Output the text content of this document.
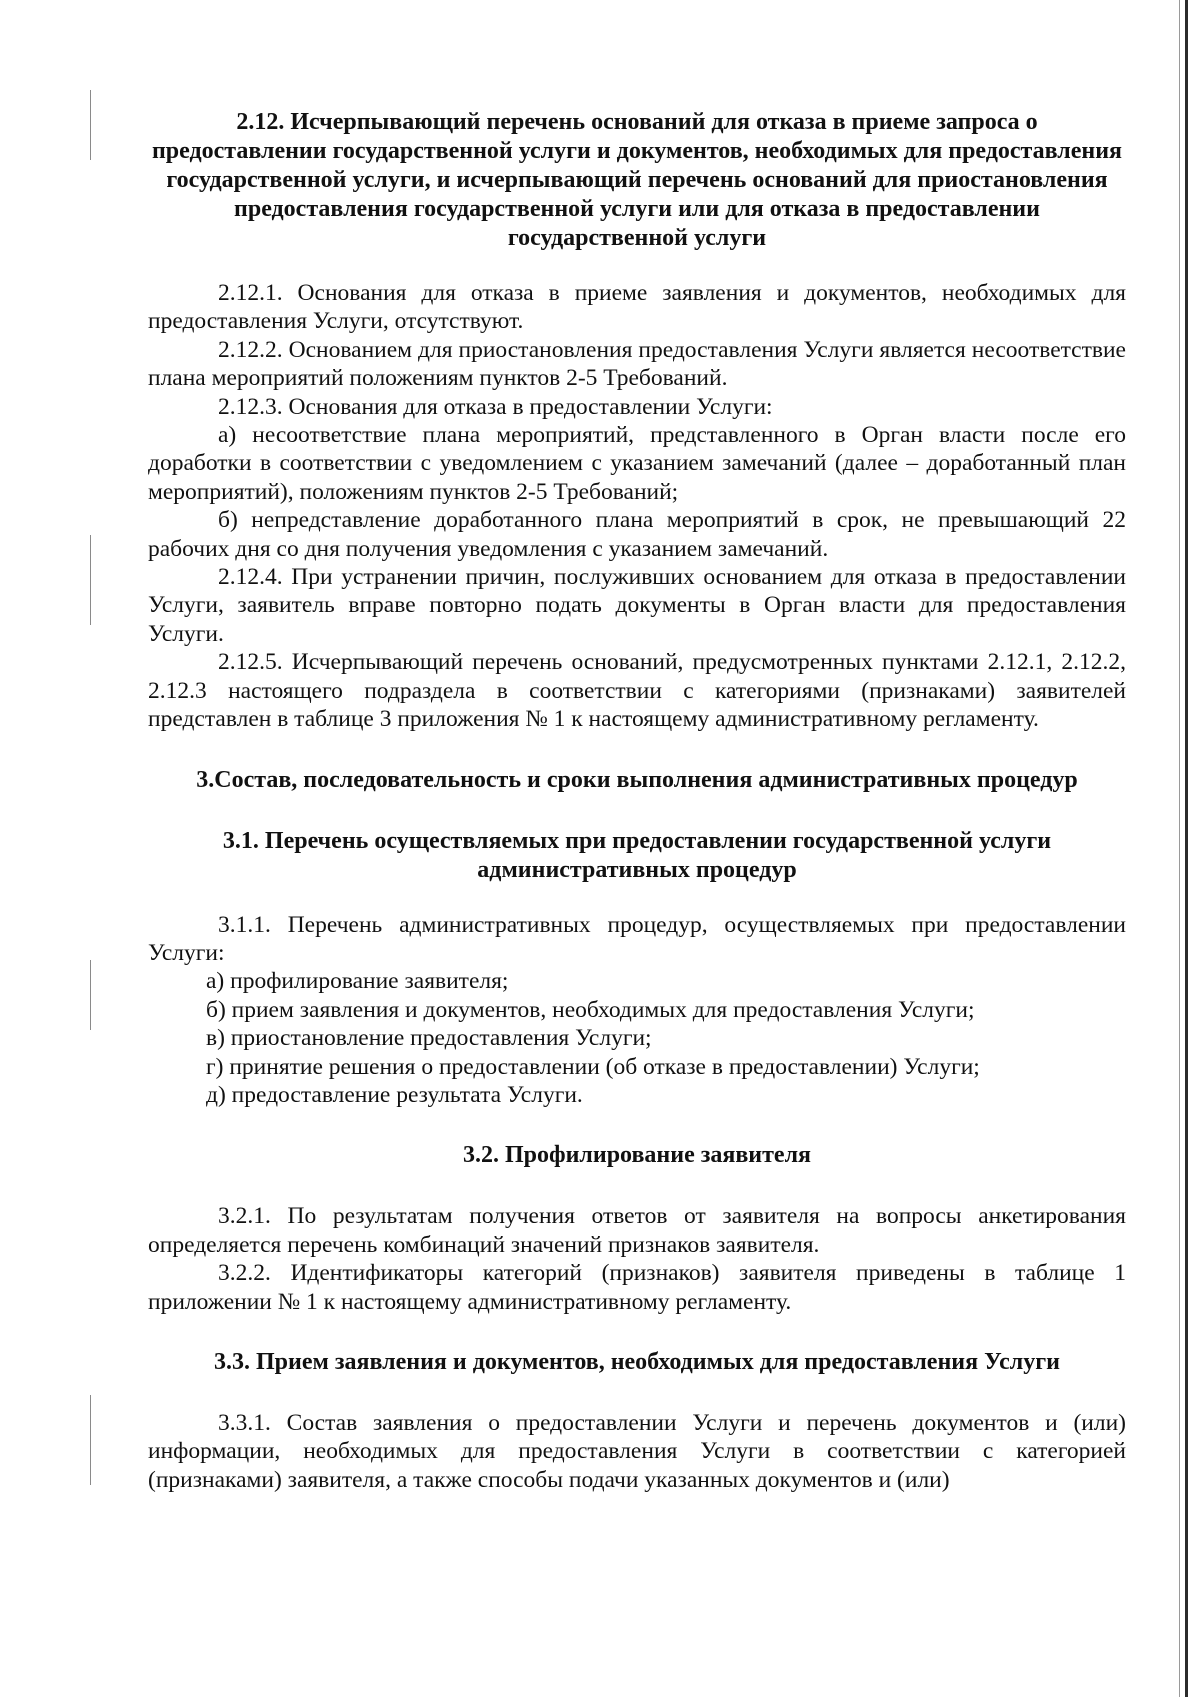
2.12. Исчерпывающий перечень оснований для отказа в приеме запроса о предоставлении государственной услуги и документов, необходимых для предоставления государственной услуги, и исчерпывающий перечень оснований для приостановления предоставления государственной услуги или для отказа в предоставлении государственной услуги

2.12.1. Основания для отказа в приеме заявления и документов, необходимых для предоставления Услуги, отсутствуют.

2.12.2. Основанием для приостановления предоставления Услуги является несоответствие плана мероприятий положениям пунктов 2-5 Требований.

2.12.3. Основания для отказа в предоставлении Услуги:

а) несоответствие плана мероприятий, представленного в Орган власти после его доработки в соответствии с уведомлением с указанием замечаний (далее – доработанный план мероприятий), положениям пунктов 2-5 Требований;

б) непредставление доработанного плана мероприятий в срок, не превышающий 22 рабочих дня со дня получения уведомления с указанием замечаний.

2.12.4. При устранении причин, послуживших основанием для отказа в предоставлении Услуги, заявитель вправе повторно подать документы в Орган власти для предоставления Услуги.

2.12.5. Исчерпывающий перечень оснований, предусмотренных пунктами 2.12.1, 2.12.2, 2.12.3 настоящего подраздела в соответствии с категориями (признаками) заявителей представлен в таблице 3 приложения № 1 к настоящему административному регламенту.

3.Состав, последовательность и сроки выполнения административных процедур
3.1. Перечень осуществляемых при предоставлении государственной услуги административных процедур

3.1.1. Перечень административных процедур, осуществляемых при предоставлении Услуги:

а) профилирование заявителя;

б) прием заявления и документов, необходимых для предоставления Услуги;

в) приостановление предоставления Услуги;

г) принятие решения о предоставлении (об отказе в предоставлении) Услуги;

д) предоставление результата Услуги.

3.2. Профилирование заявителя

3.2.1. По результатам получения ответов от заявителя на вопросы анкетирования определяется перечень комбинаций значений признаков заявителя.

3.2.2. Идентификаторы категорий (признаков) заявителя приведены в таблице 1 приложении № 1 к настоящему административному регламенту.

3.3. Прием заявления и документов, необходимых для предоставления Услуги

3.3.1. Состав заявления о предоставлении Услуги и перечень документов и (или) информации, необходимых для предоставления Услуги в соответствии с категорией (признаками) заявителя, а также способы подачи указанных документов и (или)
